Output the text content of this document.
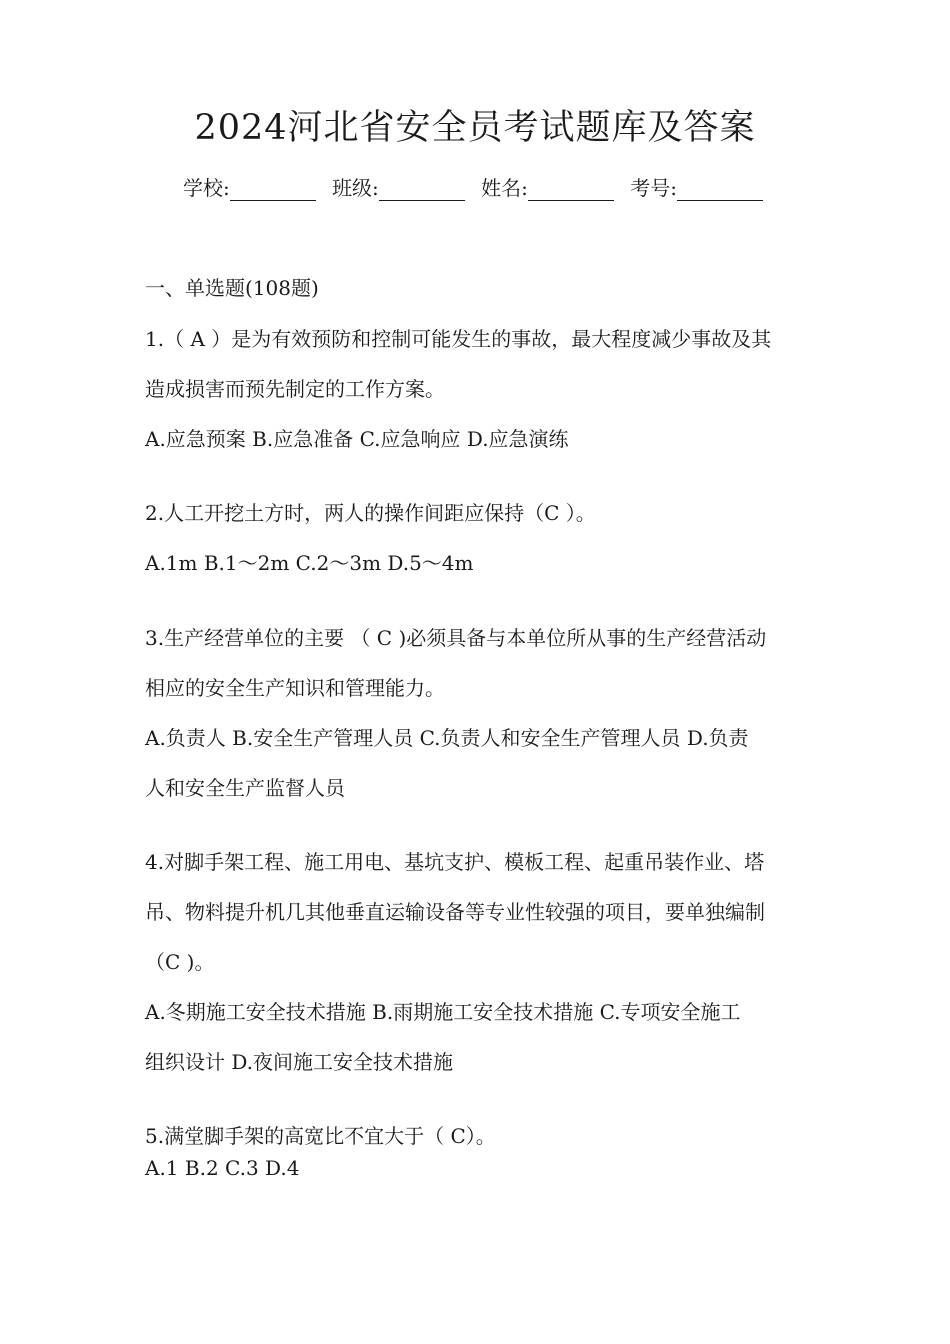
2024河北省安全员考试题库及答案
学校:	班级:	姓名:	考号:
一、单选题(108题)
1.（ A ）是为有效预防和控制可能发生的事故，最大程度减少事故及其
造成损害而预先制定的工作方案。
A.应急预案 B.应急准备 C.应急响应 D.应急演练
2.人工开挖土方时，两人的操作间距应保持（C ）。
A.1m B.1～2m C.2～3m D.5～4m
3.生产经营单位的主要 （ C )必须具备与本单位所从事的生产经营活动
相应的安全生产知识和管理能力。
A.负责人 B.安全生产管理人员 C.负责人和安全生产管理人员 D.负责
人和安全生产监督人员
4.对脚手架工程、施工用电、基坑支护、模板工程、起重吊装作业、塔
吊、物料提升机几其他垂直运输设备等专业性较强的项目，要单独编制
（C )。
A.冬期施工安全技术措施 B.雨期施工安全技术措施 C.专项安全施工
组织设计 D.夜间施工安全技术措施
5.满堂脚手架的高宽比不宜大于（ C）。
A.1 B.2 C.3 D.4
